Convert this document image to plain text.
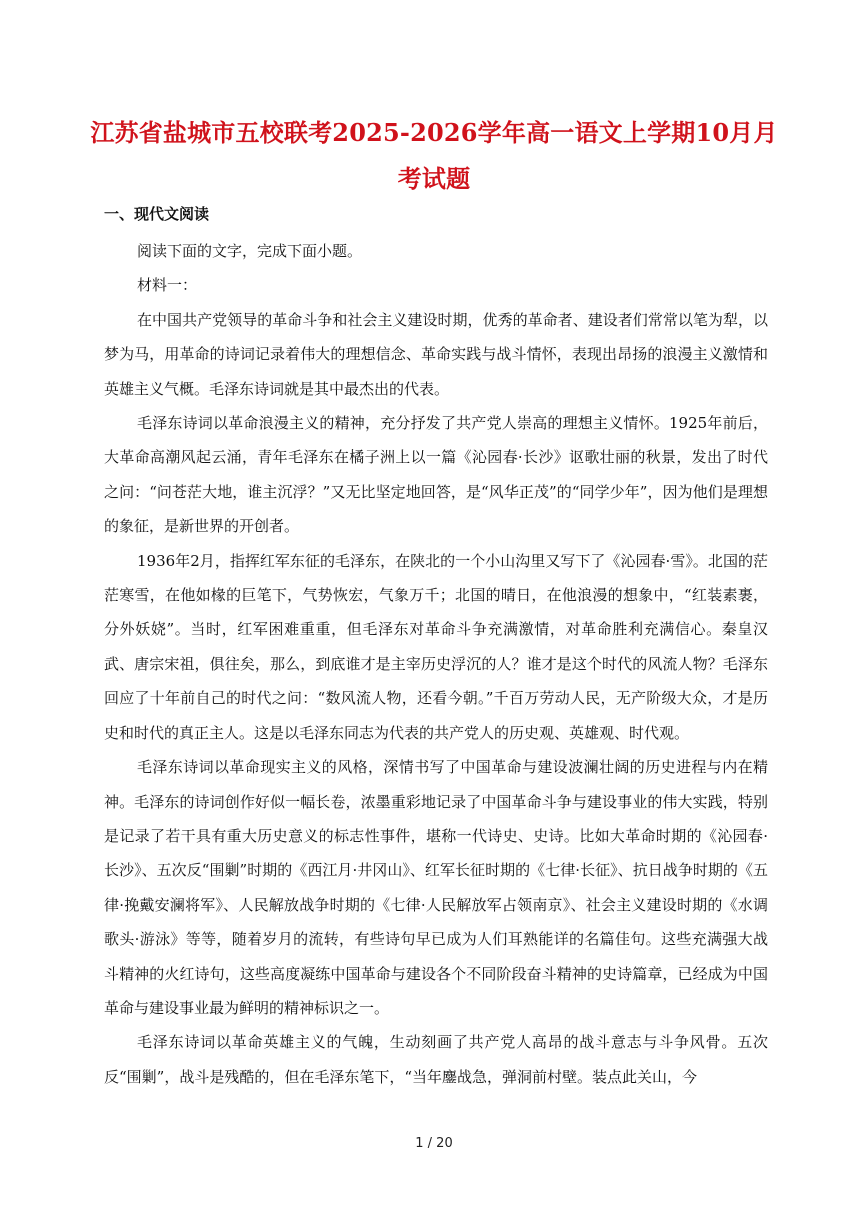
江苏省盐城市五校联考2025-2026学年高一语文上学期10月月考试题
一、现代文阅读

阅读下面的文字，完成下面小题。

材料一：

在中国共产党领导的革命斗争和社会主义建设时期，优秀的革命者、建设者们常常以笔为犁，以梦为马，用革命的诗词记录着伟大的理想信念、革命实践与战斗情怀，表现出昂扬的浪漫主义激情和英雄主义气概。毛泽东诗词就是其中最杰出的代表。

毛泽东诗词以革命浪漫主义的精神，充分抒发了共产党人崇高的理想主义情怀。1925年前后，大革命高潮风起云涌，青年毛泽东在橘子洲上以一篇《沁园春·长沙》讴歌壮丽的秋景，发出了时代之问：“问苍茫大地，谁主沉浮？”又无比坚定地回答，是“风华正茂”的“同学少年”，因为他们是理想的象征，是新世界的开创者。

1936年2月，指挥红军东征的毛泽东，在陕北的一个小山沟里又写下了《沁园春·雪》。北国的茫茫寒雪，在他如椽的巨笔下，气势恢宏，气象万千；北国的晴日，在他浪漫的想象中，“红装素裹，分外妖娆”。当时，红军困难重重，但毛泽东对革命斗争充满激情，对革命胜利充满信心。秦皇汉武、唐宗宋祖，俱往矣，那么，到底谁才是主宰历史浮沉的人？谁才是这个时代的风流人物？毛泽东回应了十年前自己的时代之问：“数风流人物，还看今朝。”千百万劳动人民，无产阶级大众，才是历史和时代的真正主人。这是以毛泽东同志为代表的共产党人的历史观、英雄观、时代观。

毛泽东诗词以革命现实主义的风格，深情书写了中国革命与建设波澜壮阔的历史进程与内在精神。毛泽东的诗词创作好似一幅长卷，浓墨重彩地记录了中国革命斗争与建设事业的伟大实践，特别是记录了若干具有重大历史意义的标志性事件，堪称一代诗史、史诗。比如大革命时期的《沁园春·长沙》、五次反“围剿”时期的《西江月·井冈山》、红军长征时期的《七律·长征》、抗日战争时期的《五律·挽戴安澜将军》、人民解放战争时期的《七律·人民解放军占领南京》、社会主义建设时期的《水调歌头·游泳》等等，随着岁月的流转，有些诗句早已成为人们耳熟能详的名篇佳句。这些充满强大战斗精神的火红诗句，这些高度凝练中国革命与建设各个不同阶段奋斗精神的史诗篇章，已经成为中国革命与建设事业最为鲜明的精神标识之一。

毛泽东诗词以革命英雄主义的气魄，生动刻画了共产党人高昂的战斗意志与斗争风骨。五次反“围剿”，战斗是残酷的，但在毛泽东笔下，“当年鏖战急，弹洞前村壁。装点此关山，今

1 / 20
